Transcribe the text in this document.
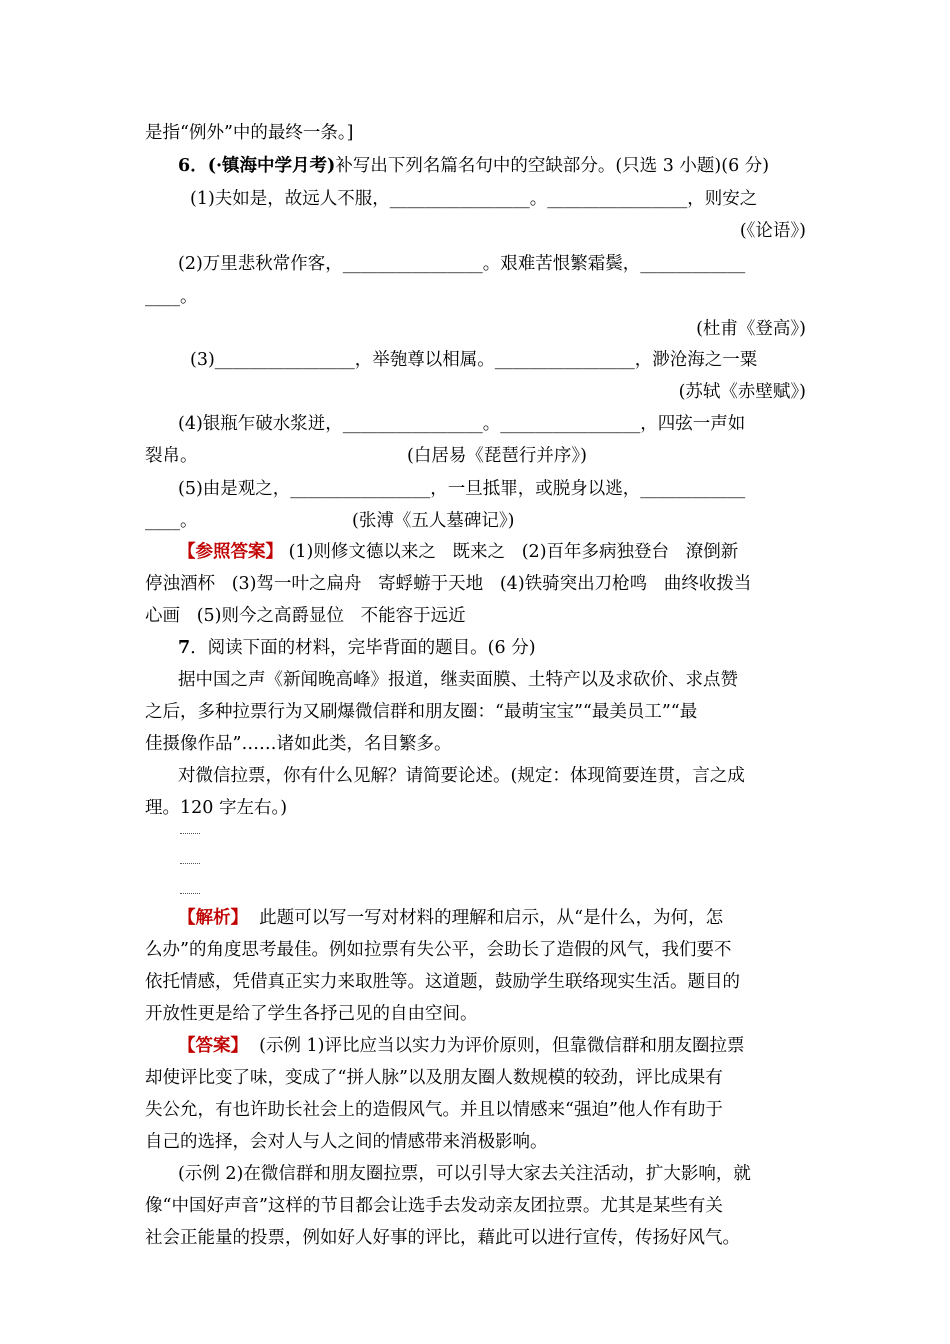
是指“例外”中的最终一条。]
6．(·镇海中学月考)补写出下列名篇名句中的空缺部分。(只选 3 小题)(6 分)
(1)夫如是，故远人不服，________________。________________，则安之
(《论语》)
(2)万里悲秋常作客，________________。艰难苦恨繁霜鬓，____________
____。
(杜甫《登高》)
(3)________________，举匏尊以相属。________________，渺沧海之一粟
(苏轼《赤壁赋》)
(4)银瓶乍破水浆迸，________________。________________，四弦一声如
裂帛。	(白居易《琵琶行并序》)
(5)由是观之，________________，一旦抵罪，或脱身以逃，____________
____。	(张溥《五人墓碑记》)
【参照答案】 (1)则修文德以来之   既来之   (2)百年多病独登台   潦倒新
停浊酒杯   (3)驾一叶之扁舟   寄蜉蝣于天地   (4)铁骑突出刀枪鸣   曲终收拨当
心画   (5)则今之高爵显位   不能容于远近
7．阅读下面的材料，完毕背面的题目。(6 分)
据中国之声《新闻晚高峰》报道，继卖面膜、土特产以及求砍价、求点赞
之后，多种拉票行为又刷爆微信群和朋友圈：“最萌宝宝”“最美员工”“最
佳摄像作品”……诸如此类，名目繁多。
对微信拉票，你有什么见解？请简要论述。(规定：体现简要连贯，言之成
理。120 字左右。)
【解析】  此题可以写一写对材料的理解和启示，从“是什么，为何，怎
么办”的角度思考最佳。例如拉票有失公平，会助长了造假的风气，我们要不
依托情感，凭借真正实力来取胜等。这道题，鼓励学生联络现实生活。题目的
开放性更是给了学生各抒己见的自由空间。
【答案】  (示例 1)评比应当以实力为评价原则，但靠微信群和朋友圈拉票
却使评比变了味，变成了“拼人脉”以及朋友圈人数规模的较劲，评比成果有
失公允，有也许助长社会上的造假风气。并且以情感来“强迫”他人作有助于
自己的选择，会对人与人之间的情感带来消极影响。
(示例 2)在微信群和朋友圈拉票，可以引导大家去关注活动，扩大影响，就
像“中国好声音”这样的节目都会让选手去发动亲友团拉票。尤其是某些有关
社会正能量的投票，例如好人好事的评比，藉此可以进行宣传，传扬好风气。
